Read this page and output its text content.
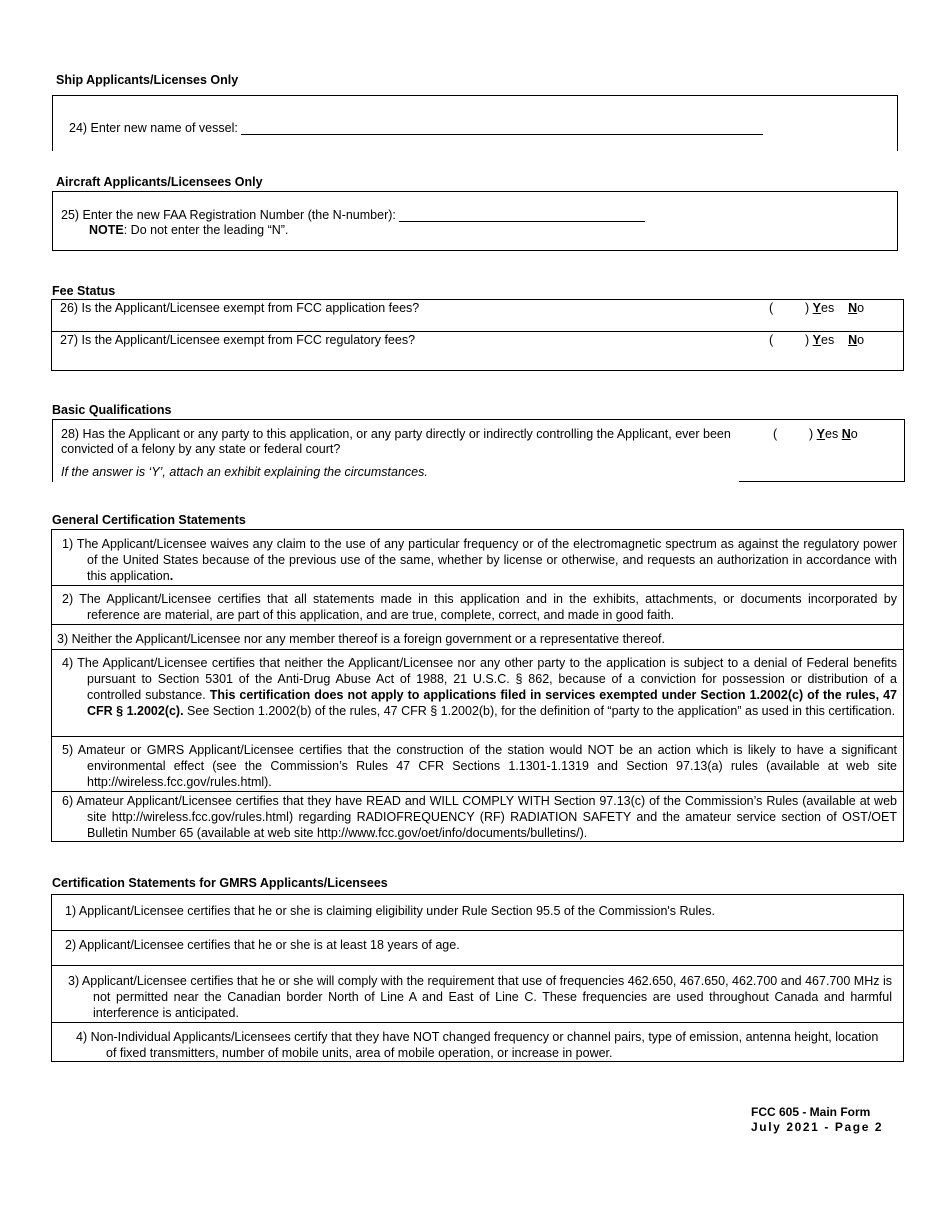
Ship Applicants/Licenses Only
24) Enter new name of vessel:
Aircraft Applicants/Licensees Only
25) Enter the new FAA Registration Number (the N-number):
NOTE: Do not enter the leading “N”.
Fee Status
26) Is the Applicant/Licensee exempt from FCC application fees?	(	) Yes No
27) Is the Applicant/Licensee exempt from FCC regulatory fees?	(	) Yes No
Basic Qualifications
28) Has the Applicant or any party to this application, or any party directly or indirectly controlling the Applicant, ever been convicted of a felony by any state or federal court?
If the answer is ‘Y’, attach an exhibit explaining the circumstances.
(	) Yes No
General Certification Statements
1) The Applicant/Licensee waives any claim to the use of any particular frequency or of the electromagnetic spectrum as against the regulatory power of the United States because of the previous use of the same, whether by license or otherwise, and requests an authorization in accordance with this application.
2) The Applicant/Licensee certifies that all statements made in this application and in the exhibits, attachments, or documents incorporated by reference are material, are part of this application, and are true, complete, correct, and made in good faith.
3) Neither the Applicant/Licensee nor any member thereof is a foreign government or a representative thereof.
4) The Applicant/Licensee certifies that neither the Applicant/Licensee nor any other party to the application is subject to a denial of Federal benefits pursuant to Section 5301 of the Anti-Drug Abuse Act of 1988, 21 U.S.C. § 862, because of a conviction for possession or distribution of a controlled substance. This certification does not apply to applications filed in services exempted under Section 1.2002(c) of the rules, 47 CFR § 1.2002(c). See Section 1.2002(b) of the rules, 47 CFR § 1.2002(b), for the definition of “party to the application” as used in this certification.
5) Amateur or GMRS Applicant/Licensee certifies that the construction of the station would NOT be an action which is likely to have a significant environmental effect (see the Commission’s Rules 47 CFR Sections 1.1301-1.1319 and Section 97.13(a) rules (available at web site http://wireless.fcc.gov/rules.html).
6) Amateur Applicant/Licensee certifies that they have READ and WILL COMPLY WITH Section 97.13(c) of the Commission’s Rules (available at web site http://wireless.fcc.gov/rules.html) regarding RADIOFREQUENCY (RF) RADIATION SAFETY and the amateur service section of OST/OET Bulletin Number 65 (available at web site http://www.fcc.gov/oet/info/documents/bulletins/).
Certification Statements for GMRS Applicants/Licensees
1) Applicant/Licensee certifies that he or she is claiming eligibility under Rule Section 95.5 of the Commission's Rules.
2) Applicant/Licensee certifies that he or she is at least 18 years of age.
3) Applicant/Licensee certifies that he or she will comply with the requirement that use of frequencies 462.650, 467.650, 462.700 and 467.700 MHz is not permitted near the Canadian border North of Line A and East of Line C. These frequencies are used throughout Canada and harmful interference is anticipated.
4) Non-Individual Applicants/Licensees certify that they have NOT changed frequency or channel pairs, type of emission, antenna height, location of fixed transmitters, number of mobile units, area of mobile operation, or increase in power.
FCC 605 - Main Form
July 2021 - Page 2
